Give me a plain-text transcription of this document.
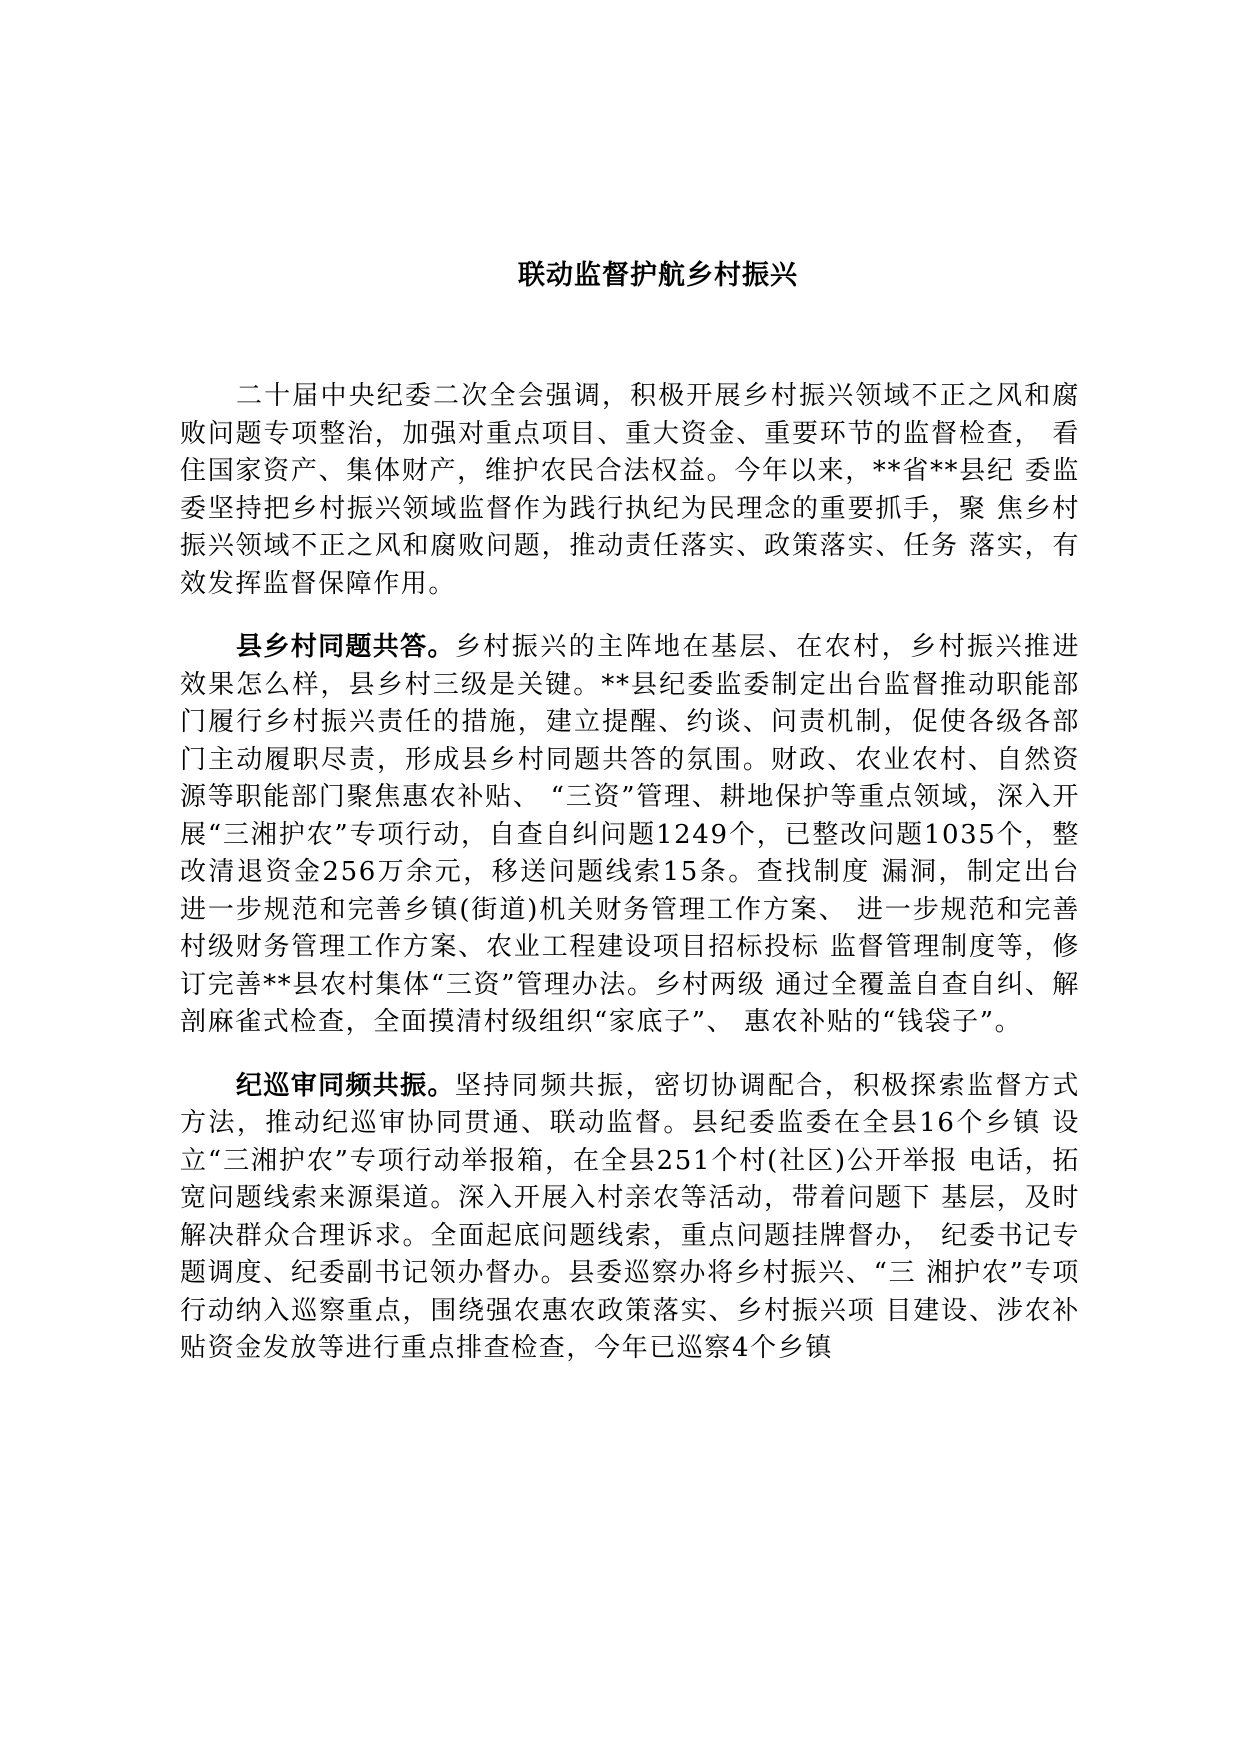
联动监督护航乡村振兴

二十届中央纪委二次全会强调，积极开展乡村振兴领域不正之风和腐败问题专项整治，加强对重点项目、重大资金、重要环节的监督检查， 看住国家资产、集体财产，维护农民合法权益。今年以来，**省**县纪 委监委坚持把乡村振兴领域监督作为践行执纪为民理念的重要抓手，聚 焦乡村振兴领域不正之风和腐败问题，推动责任落实、政策落实、任务 落实，有效发挥监督保障作用。

县乡村同题共答。乡村振兴的主阵地在基层、在农村，乡村振兴推进效果怎么样，县乡村三级是关键。**县纪委监委制定出台监督推动职能部门履行乡村振兴责任的措施，建立提醒、约谈、问责机制，促使各级各部门主动履职尽责，形成县乡村同题共答的氛围。财政、农业农村、自然资源等职能部门聚焦惠农补贴、 “三资”管理、耕地保护等重点领域，深入开展“三湘护农”专项行动，自查自纠问题1249个，已整改问题1035个，整改清退资金256万余元，移送问题线索15条。查找制度 漏洞，制定出台进一步规范和完善乡镇(街道)机关财务管理工作方案、 进一步规范和完善村级财务管理工作方案、农业工程建设项目招标投标 监督管理制度等，修订完善**县农村集体“三资”管理办法。乡村两级 通过全覆盖自查自纠、解剖麻雀式检查，全面摸清村级组织“家底子”、 惠农补贴的“钱袋子”。

纪巡审同频共振。坚持同频共振，密切协调配合，积极探索监督方式方法，推动纪巡审协同贯通、联动监督。县纪委监委在全县16个乡镇 设立“三湘护农”专项行动举报箱，在全县251个村(社区)公开举报 电话，拓宽问题线索来源渠道。深入开展入村亲农等活动，带着问题下 基层，及时解决群众合理诉求。全面起底问题线索，重点问题挂牌督办， 纪委书记专题调度、纪委副书记领办督办。县委巡察办将乡村振兴、“三 湘护农”专项行动纳入巡察重点，围绕强农惠农政策落实、乡村振兴项 目建设、涉农补贴资金发放等进行重点排查检查，今年已巡察4个乡镇
